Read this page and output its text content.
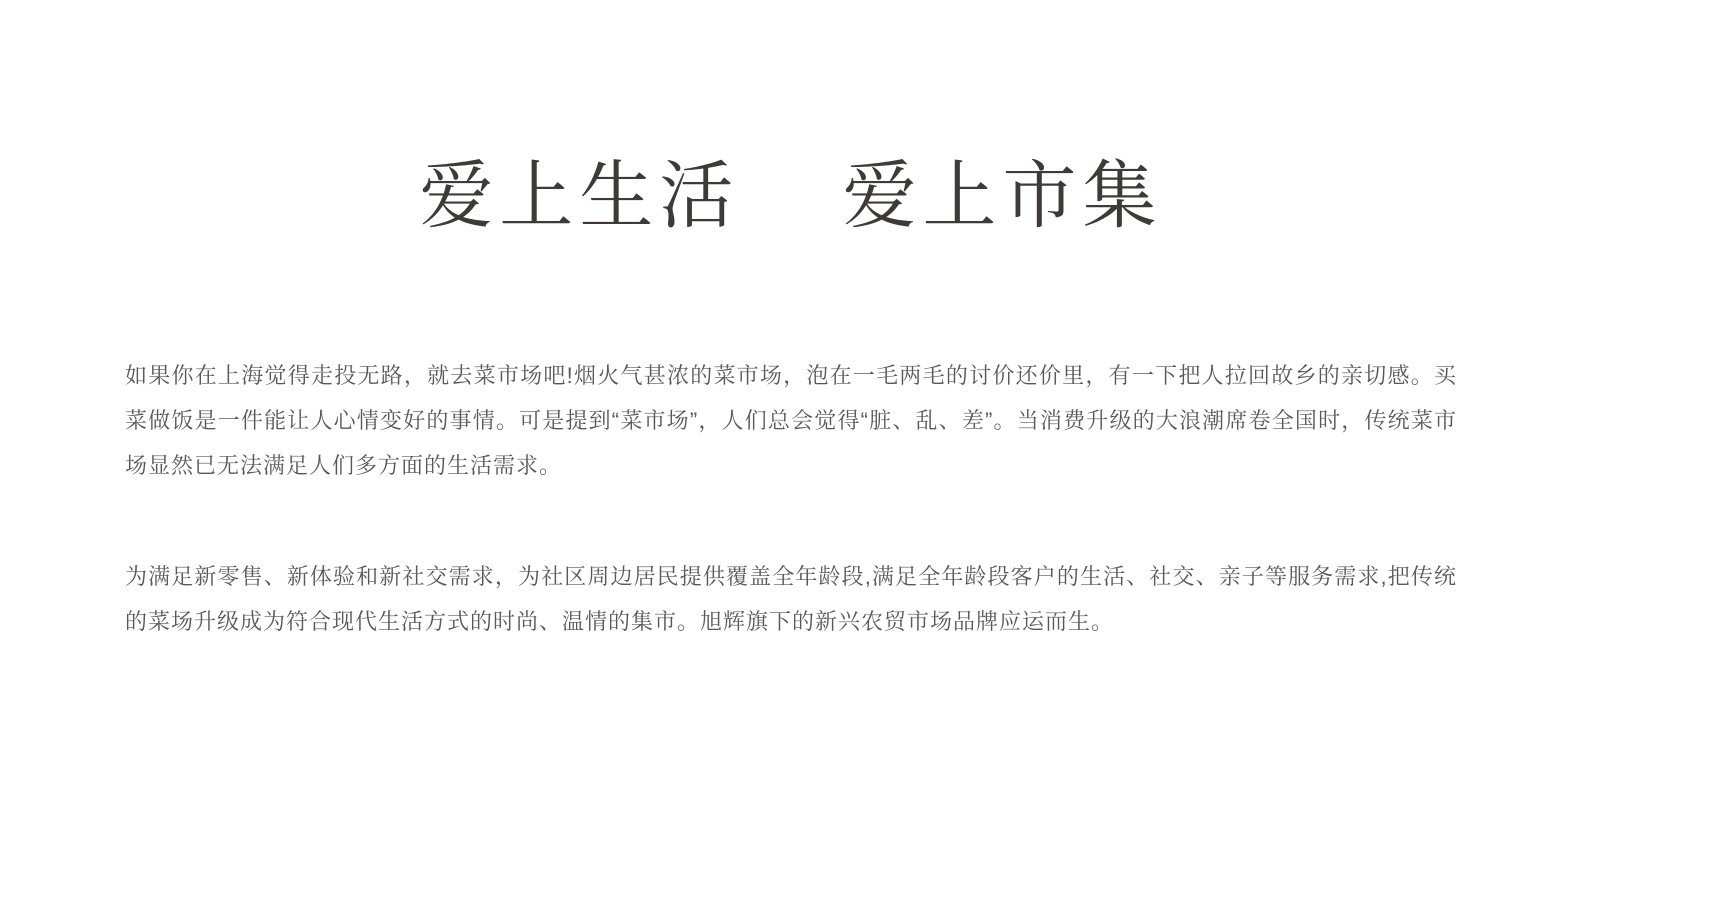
爱上生活 爱上市集

如果你在上海觉得走投无路，就去菜市场吧!烟火气甚浓的菜市场，泡在一毛两毛的讨价还价里，有一下把人拉回故乡的亲切感。买菜做饭是一件能让人心情变好的事情。可是提到“菜市场”，人们总会觉得“脏、乱、差”。当消费升级的大浪潮席卷全国时，传统菜市场显然已无法满足人们多方面的生活需求。

为满足新零售、新体验和新社交需求，为社区周边居民提供覆盖全年龄段,满足全年龄段客户的生活、社交、亲子等服务需求,把传统的菜场升级成为符合现代生活方式的时尚、温情的集市。旭辉旗下的新兴农贸市场品牌应运而生。
